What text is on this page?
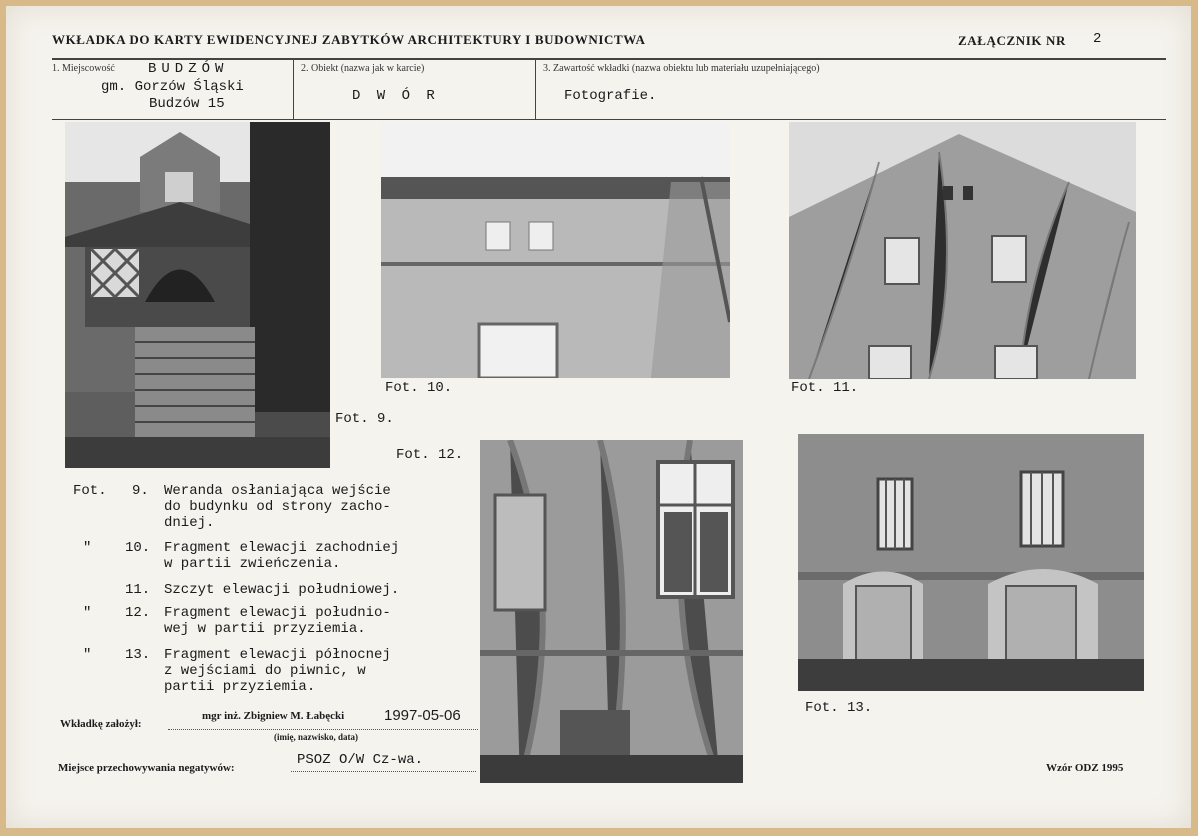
WKŁADKA DO KARTY EWIDENCYJNEJ ZABYTKÓW ARCHITEKTURY I BUDOWNICTWA	ZAŁĄCZNIK NR 2
1. Miejscowość BUDZÓW
gm. Gorzów Śląski
Budzów 15
2. Obiekt (nazwa jak w karcie)
D W Ó R
3. Zawartość wkładki (nazwa obiektu lub materiału uzupełniającego)
Fotografie.
Fot. 9.
Fot. 10.	Fot. 11.
Fot. 12.
Fot. 13.
Fot. 9. Weranda osłaniająca wejście
do budynku od strony zacho-
dniej.
" 10. Fragment elewacji zachodniej
w partii zwieńczenia.
11. Szczyt elewacji południowej.
" 12. Fragment elewacji południo-
wej w partii przyziemia.
" 13. Fragment elewacji północnej
z wejściami do piwnic, w
partii przyziemia.
Wkładkę założył:
mgr inż. Zbigniew M. Łabęcki	1997-05-06
(imię, nazwisko, data)
Miejsce przechowywania negatywów:	PSOZ O/W Cz-wa.	Wzór ODZ 1995
